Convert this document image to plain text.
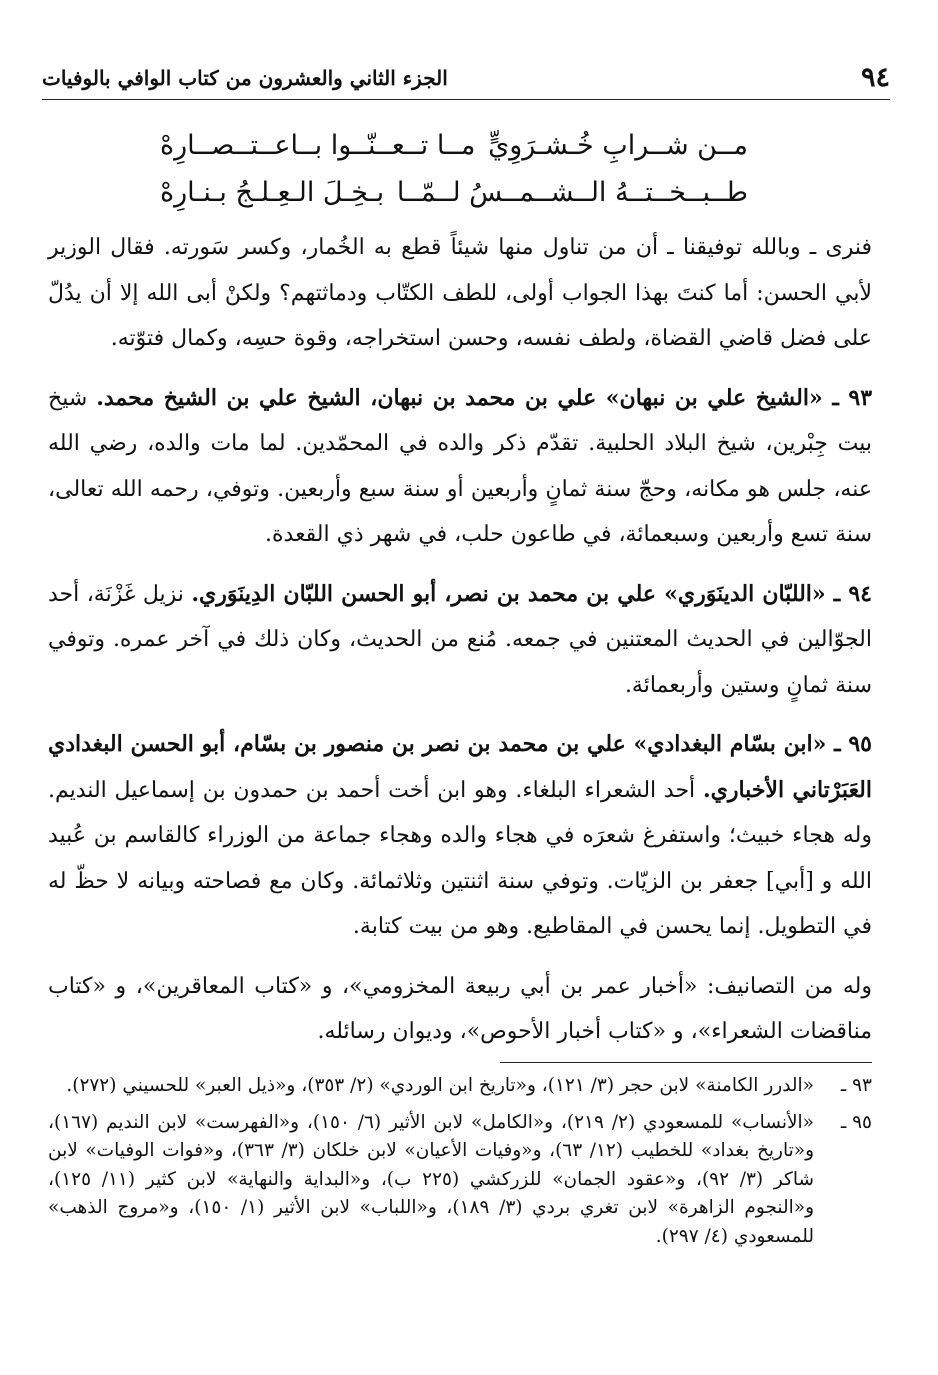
٩٤
الجزء الثاني والعشرون من كتاب الوافي بالوفيات
مــن شــرابِ خُـشـرَوِيٍّ
مــا تــعــنّــوا بــاعــتــصــارِهْ
طــبــخــتــهُ الــشــمــسُ لــمّــا
بـخِـلَ الـعِـلـجُ بـنـارِهْ

فنرى ـ وبالله توفيقنا ـ أن من تناول منها شيئاً قطع به الخُمار، وكسر سَورته. فقال الوزير لأبي الحسن: أما كنتَ بهذا الجواب أولى، للطف الكتّاب ودماثتهم؟ ولكنْ أبى الله إلا أن يدُلّ على فضل قاضي القضاة، ولطف نفسه، وحسن استخراجه، وقوة حسِه، وكمال فتوّته.

٩٣ ـ «الشيخ علي بن نبهان» علي بن محمد بن نبهان، الشيخ علي بن الشيخ محمد. شيخ بيت جِبْرين، شيخ البلاد الحلبية. تقدّم ذكر والده في المحمّدين. لما مات والده، رضي الله عنه، جلس هو مكانه، وحجّ سنة ثمانٍ وأربعين أو سنة سبع وأربعين. وتوفي، رحمه الله تعالى، سنة تسع وأربعين وسبعمائة، في طاعون حلب، في شهر ذي القعدة.

٩٤ ـ «اللبّان الدينَوَري» علي بن محمد بن نصر، أبو الحسن اللبّان الدِينَوَري. نزيل غَزْنَة، أحد الجوّالين في الحديث المعتنين في جمعه. مُنع من الحديث، وكان ذلك في آخر عمره. وتوفي سنة ثمانٍ وستين وأربعمائة.

٩٥ ـ «ابن بسّام البغدادي» علي بن محمد بن نصر بن منصور بن بسّام، أبو الحسن البغدادي العَبَرْتاني الأخباري. أحد الشعراء البلغاء. وهو ابن أخت أحمد بن حمدون بن إسماعيل النديم. وله هجاء خبيث؛ واستفرغ شعرَه في هجاء والده وهجاء جماعة من الوزراء كالقاسم بن عُبيد الله و [أبي] جعفر بن الزيّات. وتوفي سنة اثنتين وثلاثمائة. وكان مع فصاحته وبيانه لا حظّ له في التطويل. إنما يحسن في المقاطيع. وهو من بيت كتابة.

وله من التصانيف: «أخبار عمر بن أبي ربيعة المخزومي»، و «كتاب المعاقرين»، و «كتاب مناقضات الشعراء»، و «كتاب أخبار الأحوص»، وديوان رسائله.

٩٣ ـ
«الدرر الكامنة» لابن حجر (٣/ ١٢١)، و«تاريخ ابن الوردي» (٢/ ٣٥٣)، و«ذيل العبر» للحسيني (٢٧٢).
٩٥ ـ
«الأنساب» للمسعودي (٢/ ٢١٩)، و«الكامل» لابن الأثير (٦/ ١٥٠)، و«الفهرست» لابن النديم (١٦٧)، و«تاريخ بغداد» للخطيب (١٢/ ٦٣)، و«وفيات الأعيان» لابن خلكان (٣/ ٣٦٣)، و«فوات الوفيات» لابن شاكر (٣/ ٩٢)، و«عقود الجمان» للزركشي (٢٢٥ ب)، و«البداية والنهاية» لابن كثير (١١/ ١٢٥)، و«النجوم الزاهرة» لابن تغري بردي (٣/ ١٨٩)، و«اللباب» لابن الأثير (١/ ١٥٠)، و«مروج الذهب» للمسعودي (٤/ ٢٩٧).
